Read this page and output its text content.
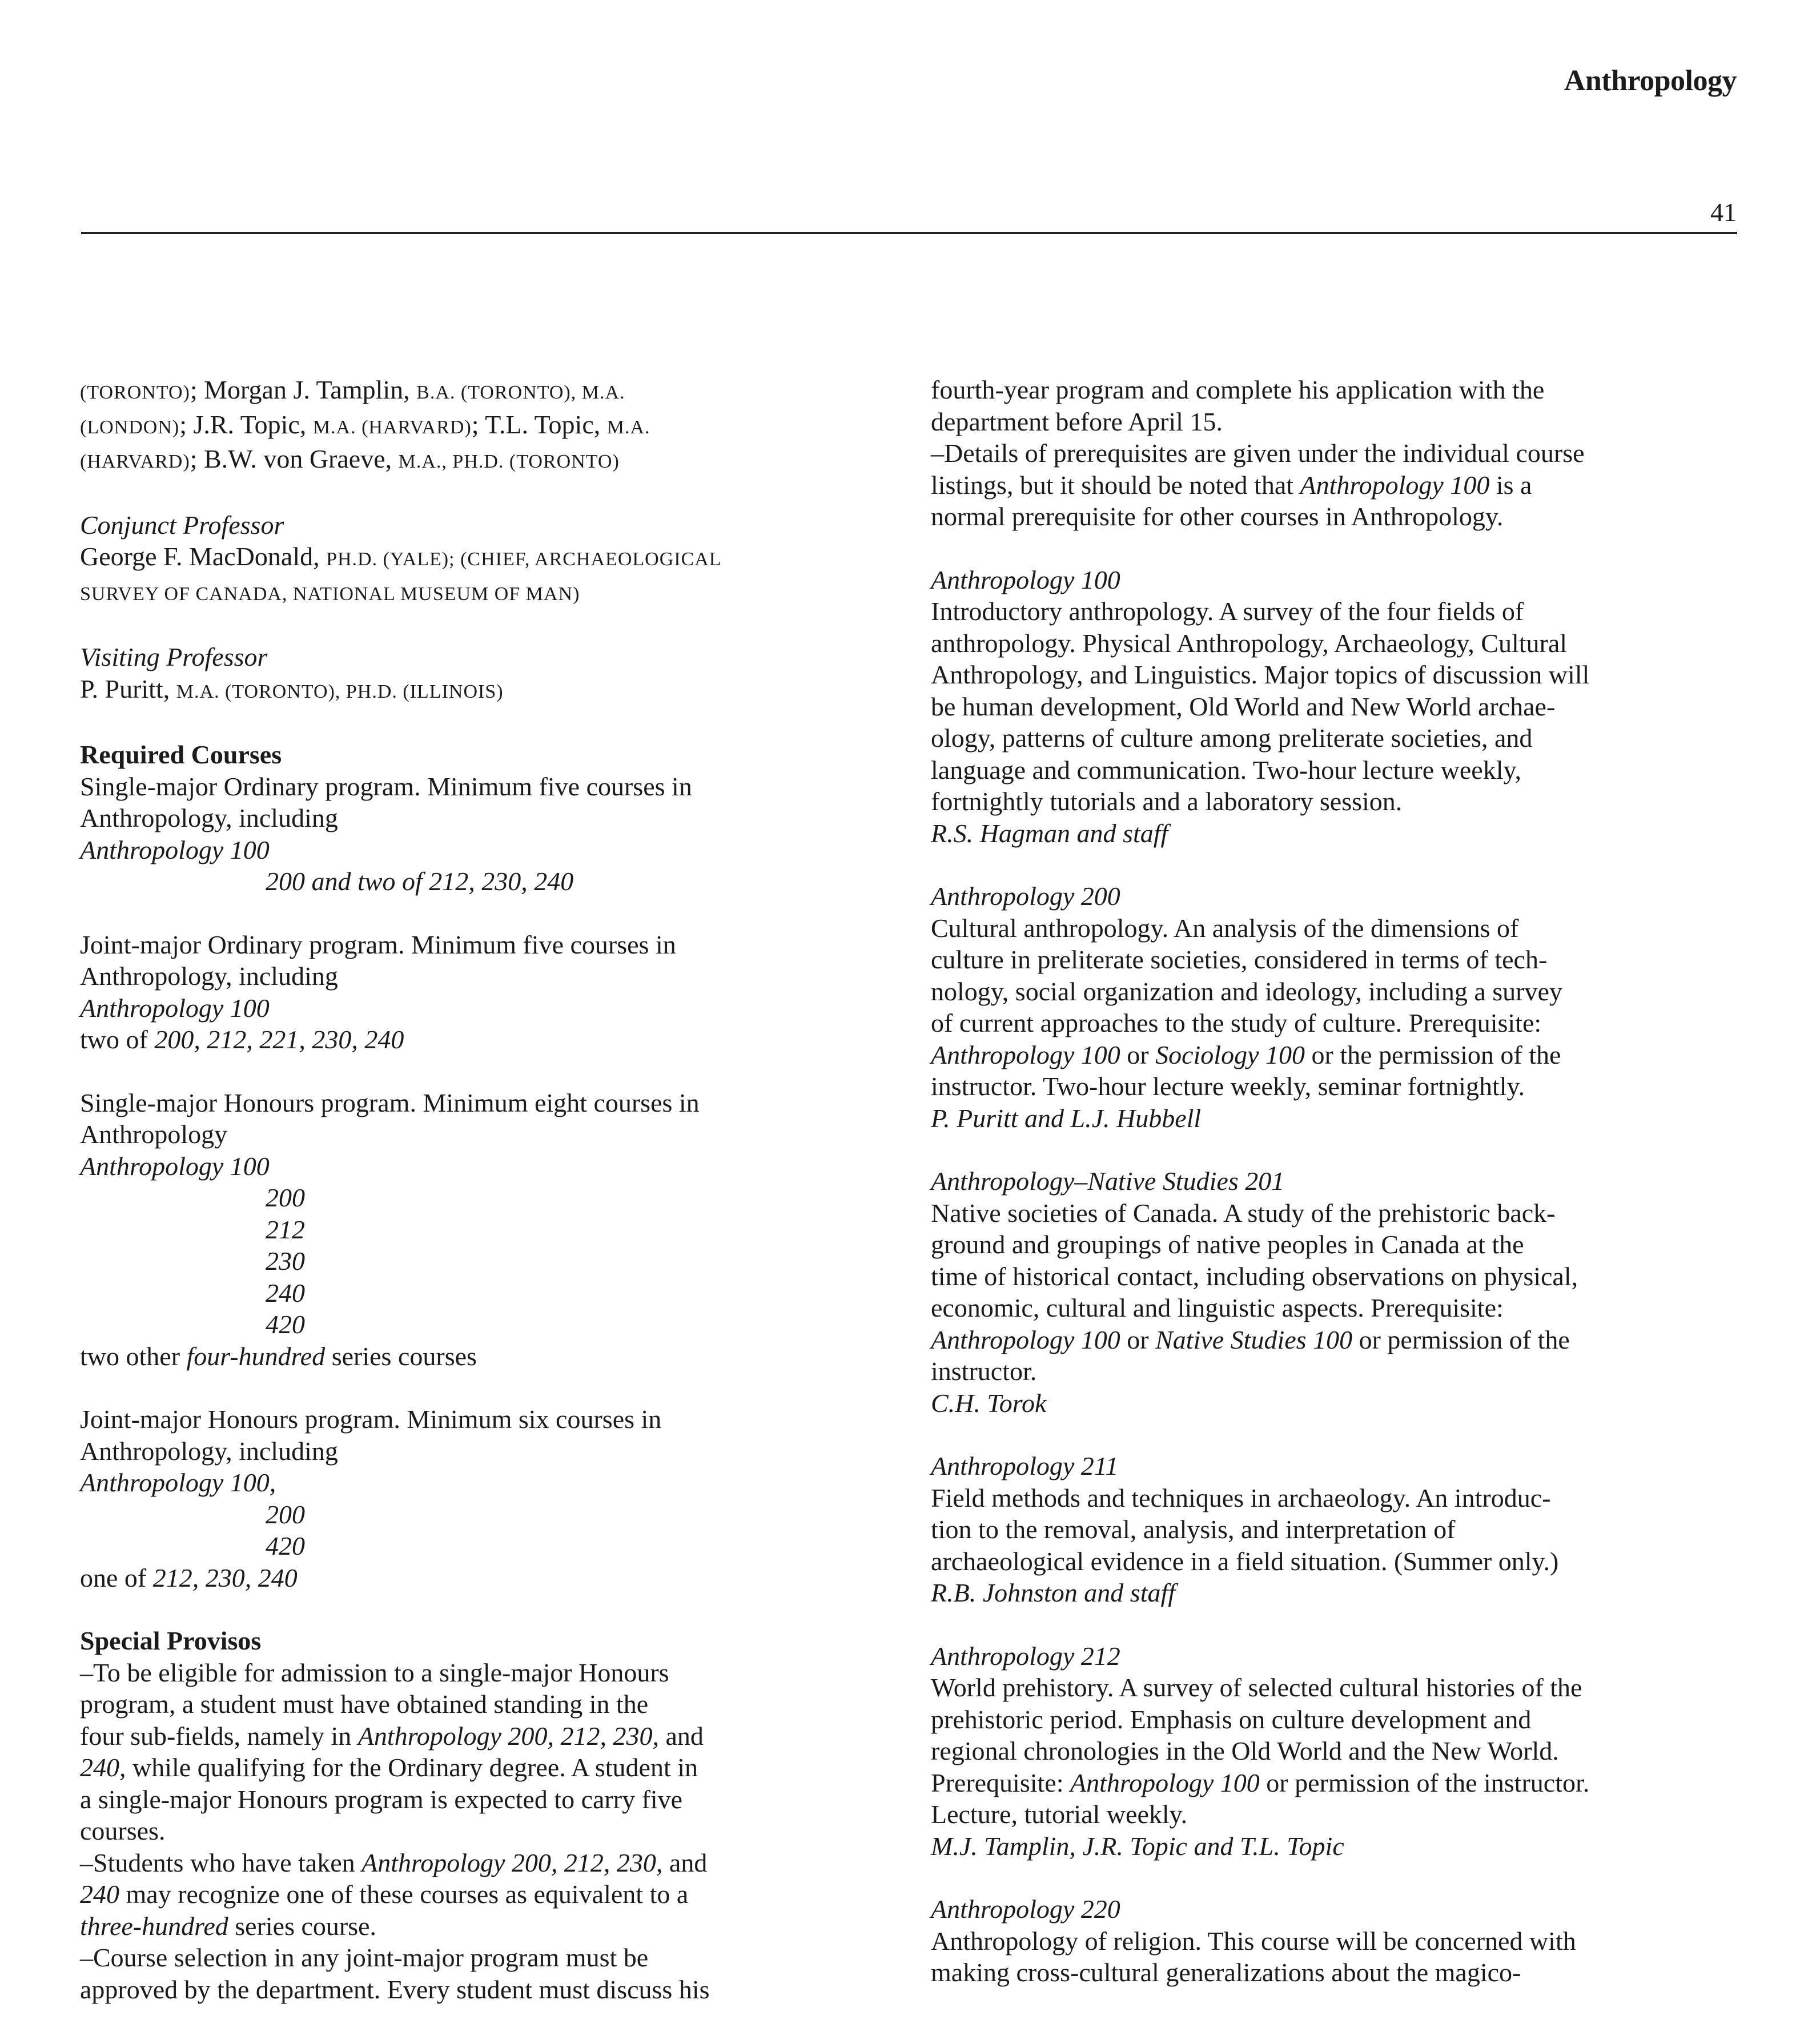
Anthropology
41

(TORONTO); Morgan J. Tamplin, B.A. (TORONTO), M.A.

(LONDON); J.R. Topic, M.A. (HARVARD); T.L. Topic, M.A.

(HARVARD); B.W. von Graeve, M.A., PH.D. (TORONTO)

Conjunct Professor

George F. MacDonald, PH.D. (YALE); (CHIEF, ARCHAEOLOGICAL

SURVEY OF CANADA, NATIONAL MUSEUM OF MAN)

Visiting Professor

P. Puritt, M.A. (TORONTO), PH.D. (ILLINOIS)

Required Courses

Single-major Ordinary program. Minimum five courses in

Anthropology, including

Anthropology 100

200 and two of 212, 230, 240

Joint-major Ordinary program. Minimum five courses in

Anthropology, including

Anthropology 100

two of 200, 212, 221, 230, 240

Single-major Honours program. Minimum eight courses in

Anthropology

Anthropology 100

200

212

230

240

420

two other four-hundred series courses

Joint-major Honours program. Minimum six courses in

Anthropology, including

Anthropology 100,

200

420

one of 212, 230, 240

Special Provisos

–To be eligible for admission to a single-major Honours

program, a student must have obtained standing in the

four sub-fields, namely in Anthropology 200, 212, 230, and

240, while qualifying for the Ordinary degree. A student in

a single-major Honours program is expected to carry five

courses.

–Students who have taken Anthropology 200, 212, 230, and

240 may recognize one of these courses as equivalent to a

three-hundred series course.

–Course selection in any joint-major program must be

approved by the department. Every student must discuss his

fourth-year program and complete his application with the

department before April 15.

–Details of prerequisites are given under the individual course

listings, but it should be noted that Anthropology 100 is a

normal prerequisite for other courses in Anthropology.

Anthropology 100

Introductory anthropology. A survey of the four fields of

anthropology. Physical Anthropology, Archaeology, Cultural

Anthropology, and Linguistics. Major topics of discussion will

be human development, Old World and New World archae-

ology, patterns of culture among preliterate societies, and

language and communication. Two-hour lecture weekly,

fortnightly tutorials and a laboratory session.

R.S. Hagman and staff

Anthropology 200

Cultural anthropology. An analysis of the dimensions of

culture in preliterate societies, considered in terms of tech-

nology, social organization and ideology, including a survey

of current approaches to the study of culture. Prerequisite:

Anthropology 100 or Sociology 100 or the permission of the

instructor. Two-hour lecture weekly, seminar fortnightly.

P. Puritt and L.J. Hubbell

Anthropology–Native Studies 201

Native societies of Canada. A study of the prehistoric back-

ground and groupings of native peoples in Canada at the

time of historical contact, including observations on physical,

economic, cultural and linguistic aspects. Prerequisite:

Anthropology 100 or Native Studies 100 or permission of the

instructor.

C.H. Torok

Anthropology 211

Field methods and techniques in archaeology. An introduc-

tion to the removal, analysis, and interpretation of

archaeological evidence in a field situation. (Summer only.)

R.B. Johnston and staff

Anthropology 212

World prehistory. A survey of selected cultural histories of the

prehistoric period. Emphasis on culture development and

regional chronologies in the Old World and the New World.

Prerequisite: Anthropology 100 or permission of the instructor.

Lecture, tutorial weekly.

M.J. Tamplin, J.R. Topic and T.L. Topic

Anthropology 220

Anthropology of religion. This course will be concerned with

making cross-cultural generalizations about the magico-
